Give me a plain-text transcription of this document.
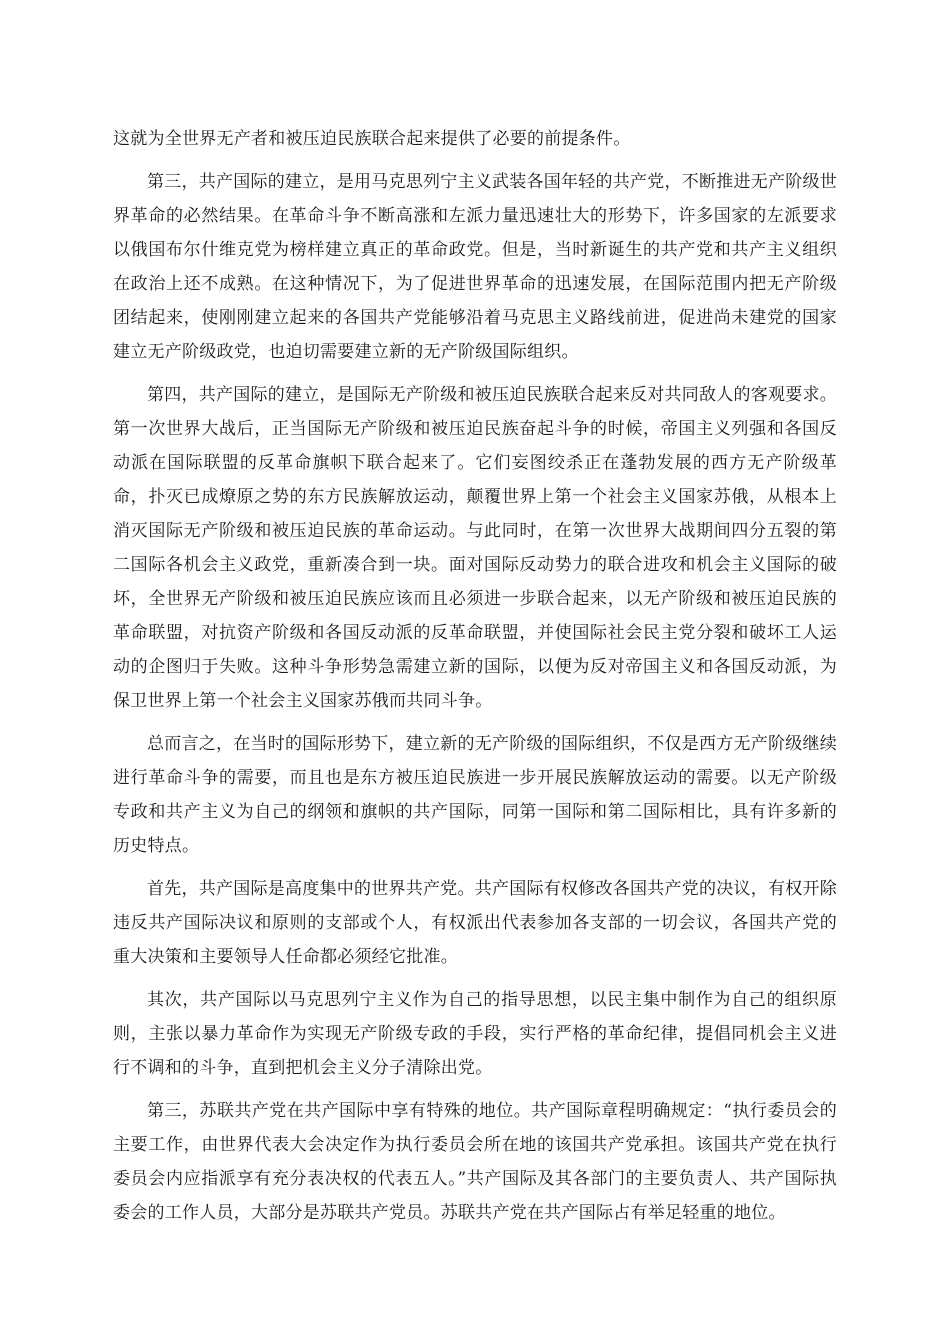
这就为全世界无产者和被压迫民族联合起来提供了必要的前提条件。

第三，共产国际的建立，是用马克思列宁主义武装各国年轻的共产党，不断推进无产阶级世界革命的必然结果。在革命斗争不断高涨和左派力量迅速壮大的形势下，许多国家的左派要求以俄国布尔什维克党为榜样建立真正的革命政党。但是，当时新诞生的共产党和共产主义组织在政治上还不成熟。在这种情况下，为了促进世界革命的迅速发展，在国际范围内把无产阶级团结起来，使刚刚建立起来的各国共产党能够沿着马克思主义路线前进，促进尚未建党的国家建立无产阶级政党，也迫切需要建立新的无产阶级国际组织。

第四，共产国际的建立，是国际无产阶级和被压迫民族联合起来反对共同敌人的客观要求。第一次世界大战后，正当国际无产阶级和被压迫民族奋起斗争的时候，帝国主义列强和各国反动派在国际联盟的反革命旗帜下联合起来了。它们妄图绞杀正在蓬勃发展的西方无产阶级革命，扑灭已成燎原之势的东方民族解放运动，颠覆世界上第一个社会主义国家苏俄，从根本上消灭国际无产阶级和被压迫民族的革命运动。与此同时，在第一次世界大战期间四分五裂的第二国际各机会主义政党，重新凑合到一块。面对国际反动势力的联合进攻和机会主义国际的破坏，全世界无产阶级和被压迫民族应该而且必须进一步联合起来，以无产阶级和被压迫民族的革命联盟，对抗资产阶级和各国反动派的反革命联盟，并使国际社会民主党分裂和破坏工人运动的企图归于失败。这种斗争形势急需建立新的国际，以便为反对帝国主义和各国反动派，为保卫世界上第一个社会主义国家苏俄而共同斗争。

总而言之，在当时的国际形势下，建立新的无产阶级的国际组织，不仅是西方无产阶级继续进行革命斗争的需要，而且也是东方被压迫民族进一步开展民族解放运动的需要。以无产阶级专政和共产主义为自己的纲领和旗帜的共产国际，同第一国际和第二国际相比，具有许多新的历史特点。

首先，共产国际是高度集中的世界共产党。共产国际有权修改各国共产党的决议，有权开除违反共产国际决议和原则的支部或个人，有权派出代表参加各支部的一切会议，各国共产党的重大决策和主要领导人任命都必须经它批准。

其次，共产国际以马克思列宁主义作为自己的指导思想，以民主集中制作为自己的组织原则，主张以暴力革命作为实现无产阶级专政的手段，实行严格的革命纪律，提倡同机会主义进行不调和的斗争，直到把机会主义分子清除出党。

第三，苏联共产党在共产国际中享有特殊的地位。共产国际章程明确规定：“执行委员会的主要工作，由世界代表大会决定作为执行委员会所在地的该国共产党承担。该国共产党在执行委员会内应指派享有充分表决权的代表五人。”共产国际及其各部门的主要负责人、共产国际执委会的工作人员，大部分是苏联共产党员。苏联共产党在共产国际占有举足轻重的地位。
